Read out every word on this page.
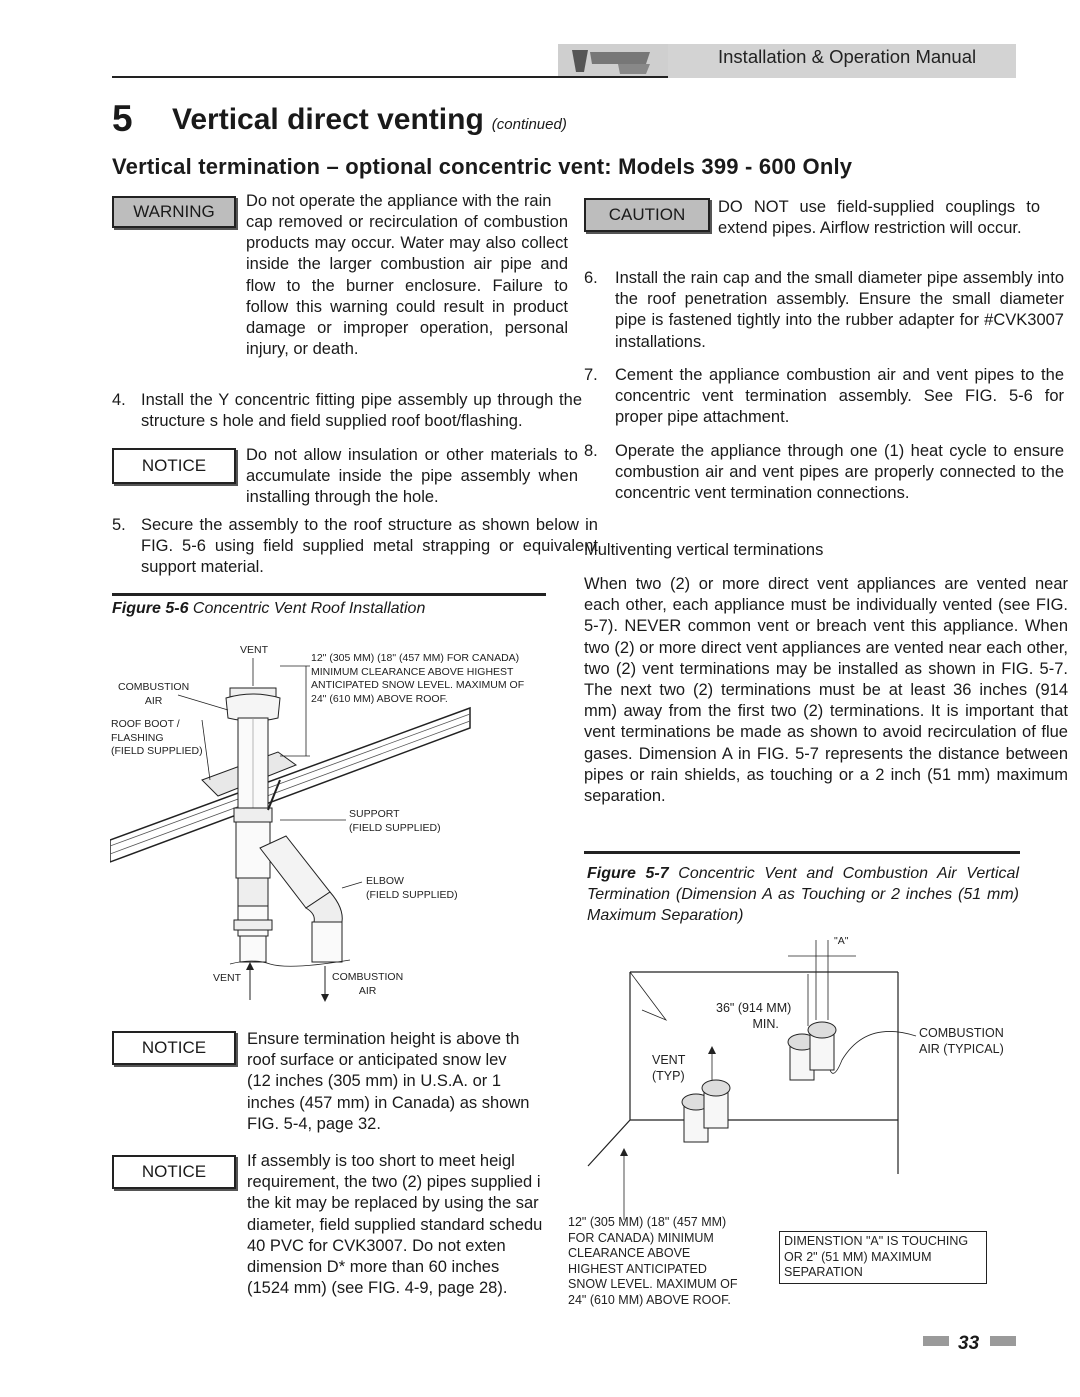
Installation & Operation Manual
5 Vertical direct venting (continued)
Vertical termination – optional concentric vent: Models 399 - 600 Only
WARNING
Do not operate the appliance with the rain
cap removed or recirculation of combustion products may occur. Water may also collect inside the larger combustion air pipe and flow to the burner enclosure. Failure to follow this warning could result in product damage or improper operation, personal injury, or death.
4. Install the Y concentric fitting pipe assembly up through the structure s hole and field supplied roof boot/flashing.
NOTICE
Do not allow insulation or other materials to accumulate inside the pipe assembly when installing through the hole.
5. Secure the assembly to the roof structure as shown below in FIG. 5-6 using field supplied metal strapping or equivalent support material.
Figure 5-6 Concentric Vent Roof Installation
VENT
12" (305 MM) (18" (457 MM) FOR CANADA)
MINIMUM CLEARANCE ABOVE HIGHEST
ANTICIPATED SNOW LEVEL. MAXIMUM OF
24" (610 MM) ABOVE ROOF.
COMBUSTION
AIR
ROOF BOOT /
FLASHING
(FIELD SUPPLIED)
SUPPORT
(FIELD SUPPLIED)
ELBOW
(FIELD SUPPLIED)
VENT	COMBUSTION
AIR
NOTICE	Ensure termination height is above th
roof surface or anticipated snow lev
(12 inches (305 mm) in U.S.A. or 1
inches (457 mm) in Canada) as shown
FIG. 5-4, page 32.
NOTICE
If assembly is too short to meet heigl
requirement, the two (2) pipes supplied i
the kit may be replaced by using the sar
diameter, field supplied standard schedu
40 PVC for CVK3007. Do not exten
dimension D* more than 60 inches
(1524 mm) (see FIG. 4-9, page 28).
CAUTION	DO NOT use field-supplied couplings to extend pipes. Airflow restriction will occur.
6. Install the rain cap and the small diameter pipe assembly into the roof penetration assembly. Ensure the small diameter pipe is fastened tightly into the rubber adapter for #CVK3007 installations.
7. Cement the appliance combustion air and vent pipes to the concentric vent termination assembly. See FIG. 5-6 for proper pipe attachment.
8. Operate the appliance through one (1) heat cycle to ensure combustion air and vent pipes are properly connected to the concentric vent termination connections.
Multiventing vertical terminations
When two (2) or more direct vent appliances are vented near each other, each appliance must be individually vented (see FIG. 5-7). NEVER common vent or breach vent this appliance. When two (2) or more direct vent appliances are vented near each other, two (2) vent terminations may be installed as shown in FIG. 5-7. The next two (2) terminations must be at least 36 inches (914 mm) away from the first two (2) terminations. It is important that vent terminations be made as shown to avoid recirculation of flue gases. Dimension A in FIG. 5-7 represents the distance between pipes or rain shields, as touching or a 2 inch (51 mm) maximum separation.
Figure 5-7 Concentric Vent and Combustion Air Vertical Termination (Dimension A as Touching or 2 inches (51 mm) Maximum Separation)
"A"
36" (914 MM)
MIN.
VENT
(TYP)
COMBUSTION
AIR (TYPICAL)
12" (305 MM) (18" (457 MM)
FOR CANADA) MINIMUM
CLEARANCE ABOVE
HIGHEST ANTICIPATED
SNOW LEVEL. MAXIMUM OF
24" (610 MM) ABOVE ROOF.
DIMENSTION "A" IS TOUCHING
OR 2" (51 MM) MAXIMUM
SEPARATION
33
